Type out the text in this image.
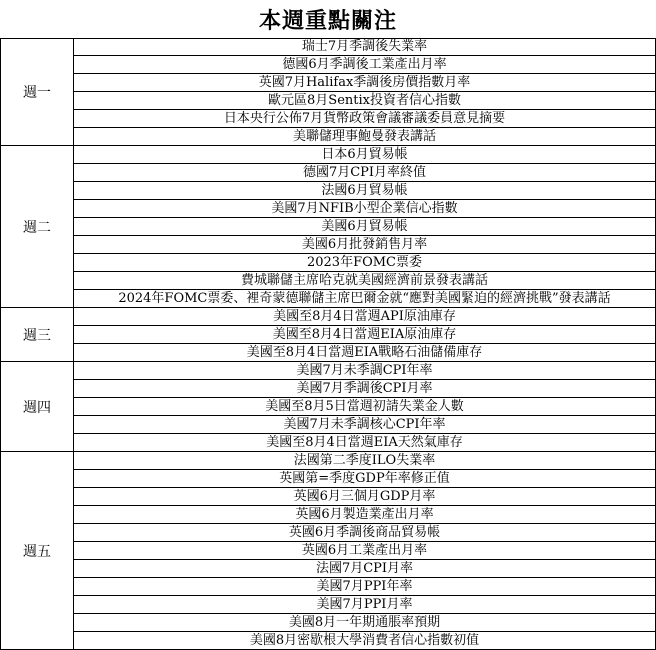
本週重點關注
週一
瑞士7月季調後失業率
德國6月季調後工業產出月率
英國7月Halifax季調後房價指數月率
歐元區8月Sentix投資者信心指數
日本央行公佈7月貨幣政策會議審議委員意見摘要
美聯儲理事鮑曼發表講話
週二
日本6月貿易帳
德國7月CPI月率終值
法國6月貿易帳
美國7月NFIB小型企業信心指數
美國6月貿易帳
美國6月批發銷售月率
2023年FOMC票委
費城聯儲主席哈克就美國經濟前景發表講話
2024年FOMC票委、裡奇蒙德聯儲主席巴爾金就“應對美國緊迫的經濟挑戰”發表講話
週三
美國至8月4日當週API原油庫存
美國至8月4日當週EIA原油庫存
美國至8月4日當週EIA戰略石油儲備庫存
週四
美國7月未季調CPI年率
美國7月季調後CPI月率
美國至8月5日當週初請失業金人數
美國7月未季調核心CPI年率
美國至8月4日當週EIA天然氣庫存
週五
法國第二季度ILO失業率
英國第=季度GDP年率修正值
英國6月三個月GDP月率
英國6月製造業產出月率
英國6月季調後商品貿易帳
英國6月工業產出月率
法國7月CPI月率
美國7月PPI年率
美國7月PPI月率
美國8月一年期通脹率預期
美國8月密歇根大學消費者信心指數初值
